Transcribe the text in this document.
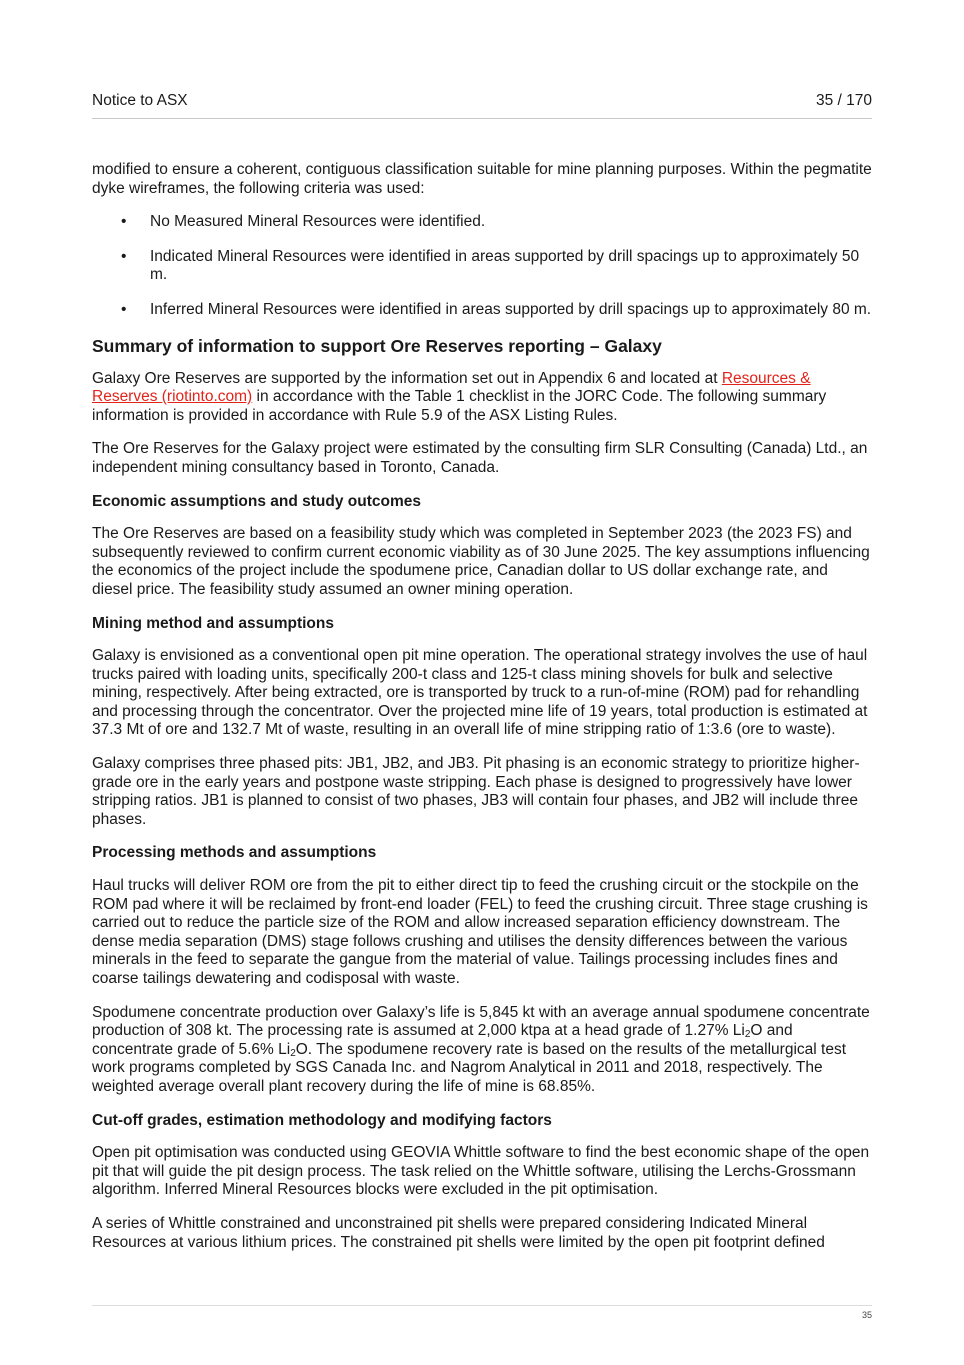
Notice to ASX	35 / 170

modified to ensure a coherent, contiguous classification suitable for mine planning purposes. Within the pegmatite dyke wireframes, the following criteria was used:

• No Measured Mineral Resources were identified.
• Indicated Mineral Resources were identified in areas supported by drill spacings up to approximately 50 m.
• Inferred Mineral Resources were identified in areas supported by drill spacings up to approximately 80 m.
Summary of information to support Ore Reserves reporting – Galaxy

Galaxy Ore Reserves are supported by the information set out in Appendix 6 and located at Resources & Reserves (riotinto.com) in accordance with the Table 1 checklist in the JORC Code. The following summary information is provided in accordance with Rule 5.9 of the ASX Listing Rules.

The Ore Reserves for the Galaxy project were estimated by the consulting firm SLR Consulting (Canada) Ltd., an independent mining consultancy based in Toronto, Canada.

Economic assumptions and study outcomes

The Ore Reserves are based on a feasibility study which was completed in September 2023 (the 2023 FS) and subsequently reviewed to confirm current economic viability as of 30 June 2025. The key assumptions influencing the economics of the project include the spodumene price, Canadian dollar to US dollar exchange rate, and diesel price. The feasibility study assumed an owner mining operation.

Mining method and assumptions

Galaxy is envisioned as a conventional open pit mine operation. The operational strategy involves the use of haul trucks paired with loading units, specifically 200-t class and 125-t class mining shovels for bulk and selective mining, respectively. After being extracted, ore is transported by truck to a run-of-mine (ROM) pad for rehandling and processing through the concentrator. Over the projected mine life of 19 years, total production is estimated at 37.3 Mt of ore and 132.7 Mt of waste, resulting in an overall life of mine stripping ratio of 1:3.6 (ore to waste).

Galaxy comprises three phased pits: JB1, JB2, and JB3. Pit phasing is an economic strategy to prioritize higher-grade ore in the early years and postpone waste stripping. Each phase is designed to progressively have lower stripping ratios. JB1 is planned to consist of two phases, JB3 will contain four phases, and JB2 will include three phases.

Processing methods and assumptions

Haul trucks will deliver ROM ore from the pit to either direct tip to feed the crushing circuit or the stockpile on the ROM pad where it will be reclaimed by front-end loader (FEL) to feed the crushing circuit. Three stage crushing is carried out to reduce the particle size of the ROM and allow increased separation efficiency downstream. The dense media separation (DMS) stage follows crushing and utilises the density differences between the various minerals in the feed to separate the gangue from the material of value. Tailings processing includes fines and coarse tailings dewatering and codisposal with waste.

Spodumene concentrate production over Galaxy’s life is 5,845 kt with an average annual spodumene concentrate production of 308 kt. The processing rate is assumed at 2,000 ktpa at a head grade of 1.27% $Li_2O$ and concentrate grade of 5.6% $Li_2O$. The spodumene recovery rate is based on the results of the metallurgical test work programs completed by SGS Canada Inc. and Nagrom Analytical in 2011 and 2018, respectively. The weighted average overall plant recovery during the life of mine is 68.85%.

Cut-off grades, estimation methodology and modifying factors

Open pit optimisation was conducted using GEOVIA Whittle software to find the best economic shape of the open pit that will guide the pit design process. The task relied on the Whittle software, utilising the Lerchs-Grossmann algorithm. Inferred Mineral Resources blocks were excluded in the pit optimisation.

A series of Whittle constrained and unconstrained pit shells were prepared considering Indicated Mineral Resources at various lithium prices. The constrained pit shells were limited by the open pit footprint defined

35
